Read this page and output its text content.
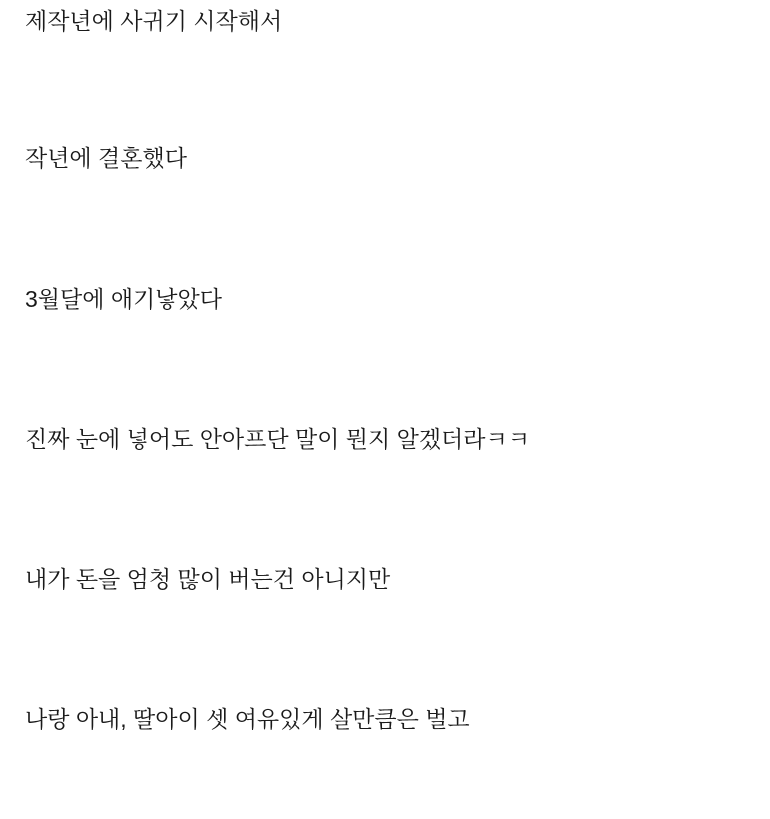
제작년에 사귀기 시작해서

작년에 결혼했다

3월달에 애기낳았다

진짜 눈에 넣어도 안아프단 말이 뭔지 알겠더라ㅋㅋ

내가 돈을 엄청 많이 버는건 아니지만

나랑 아내, 딸아이 셋 여유있게 살만큼은 벌고
